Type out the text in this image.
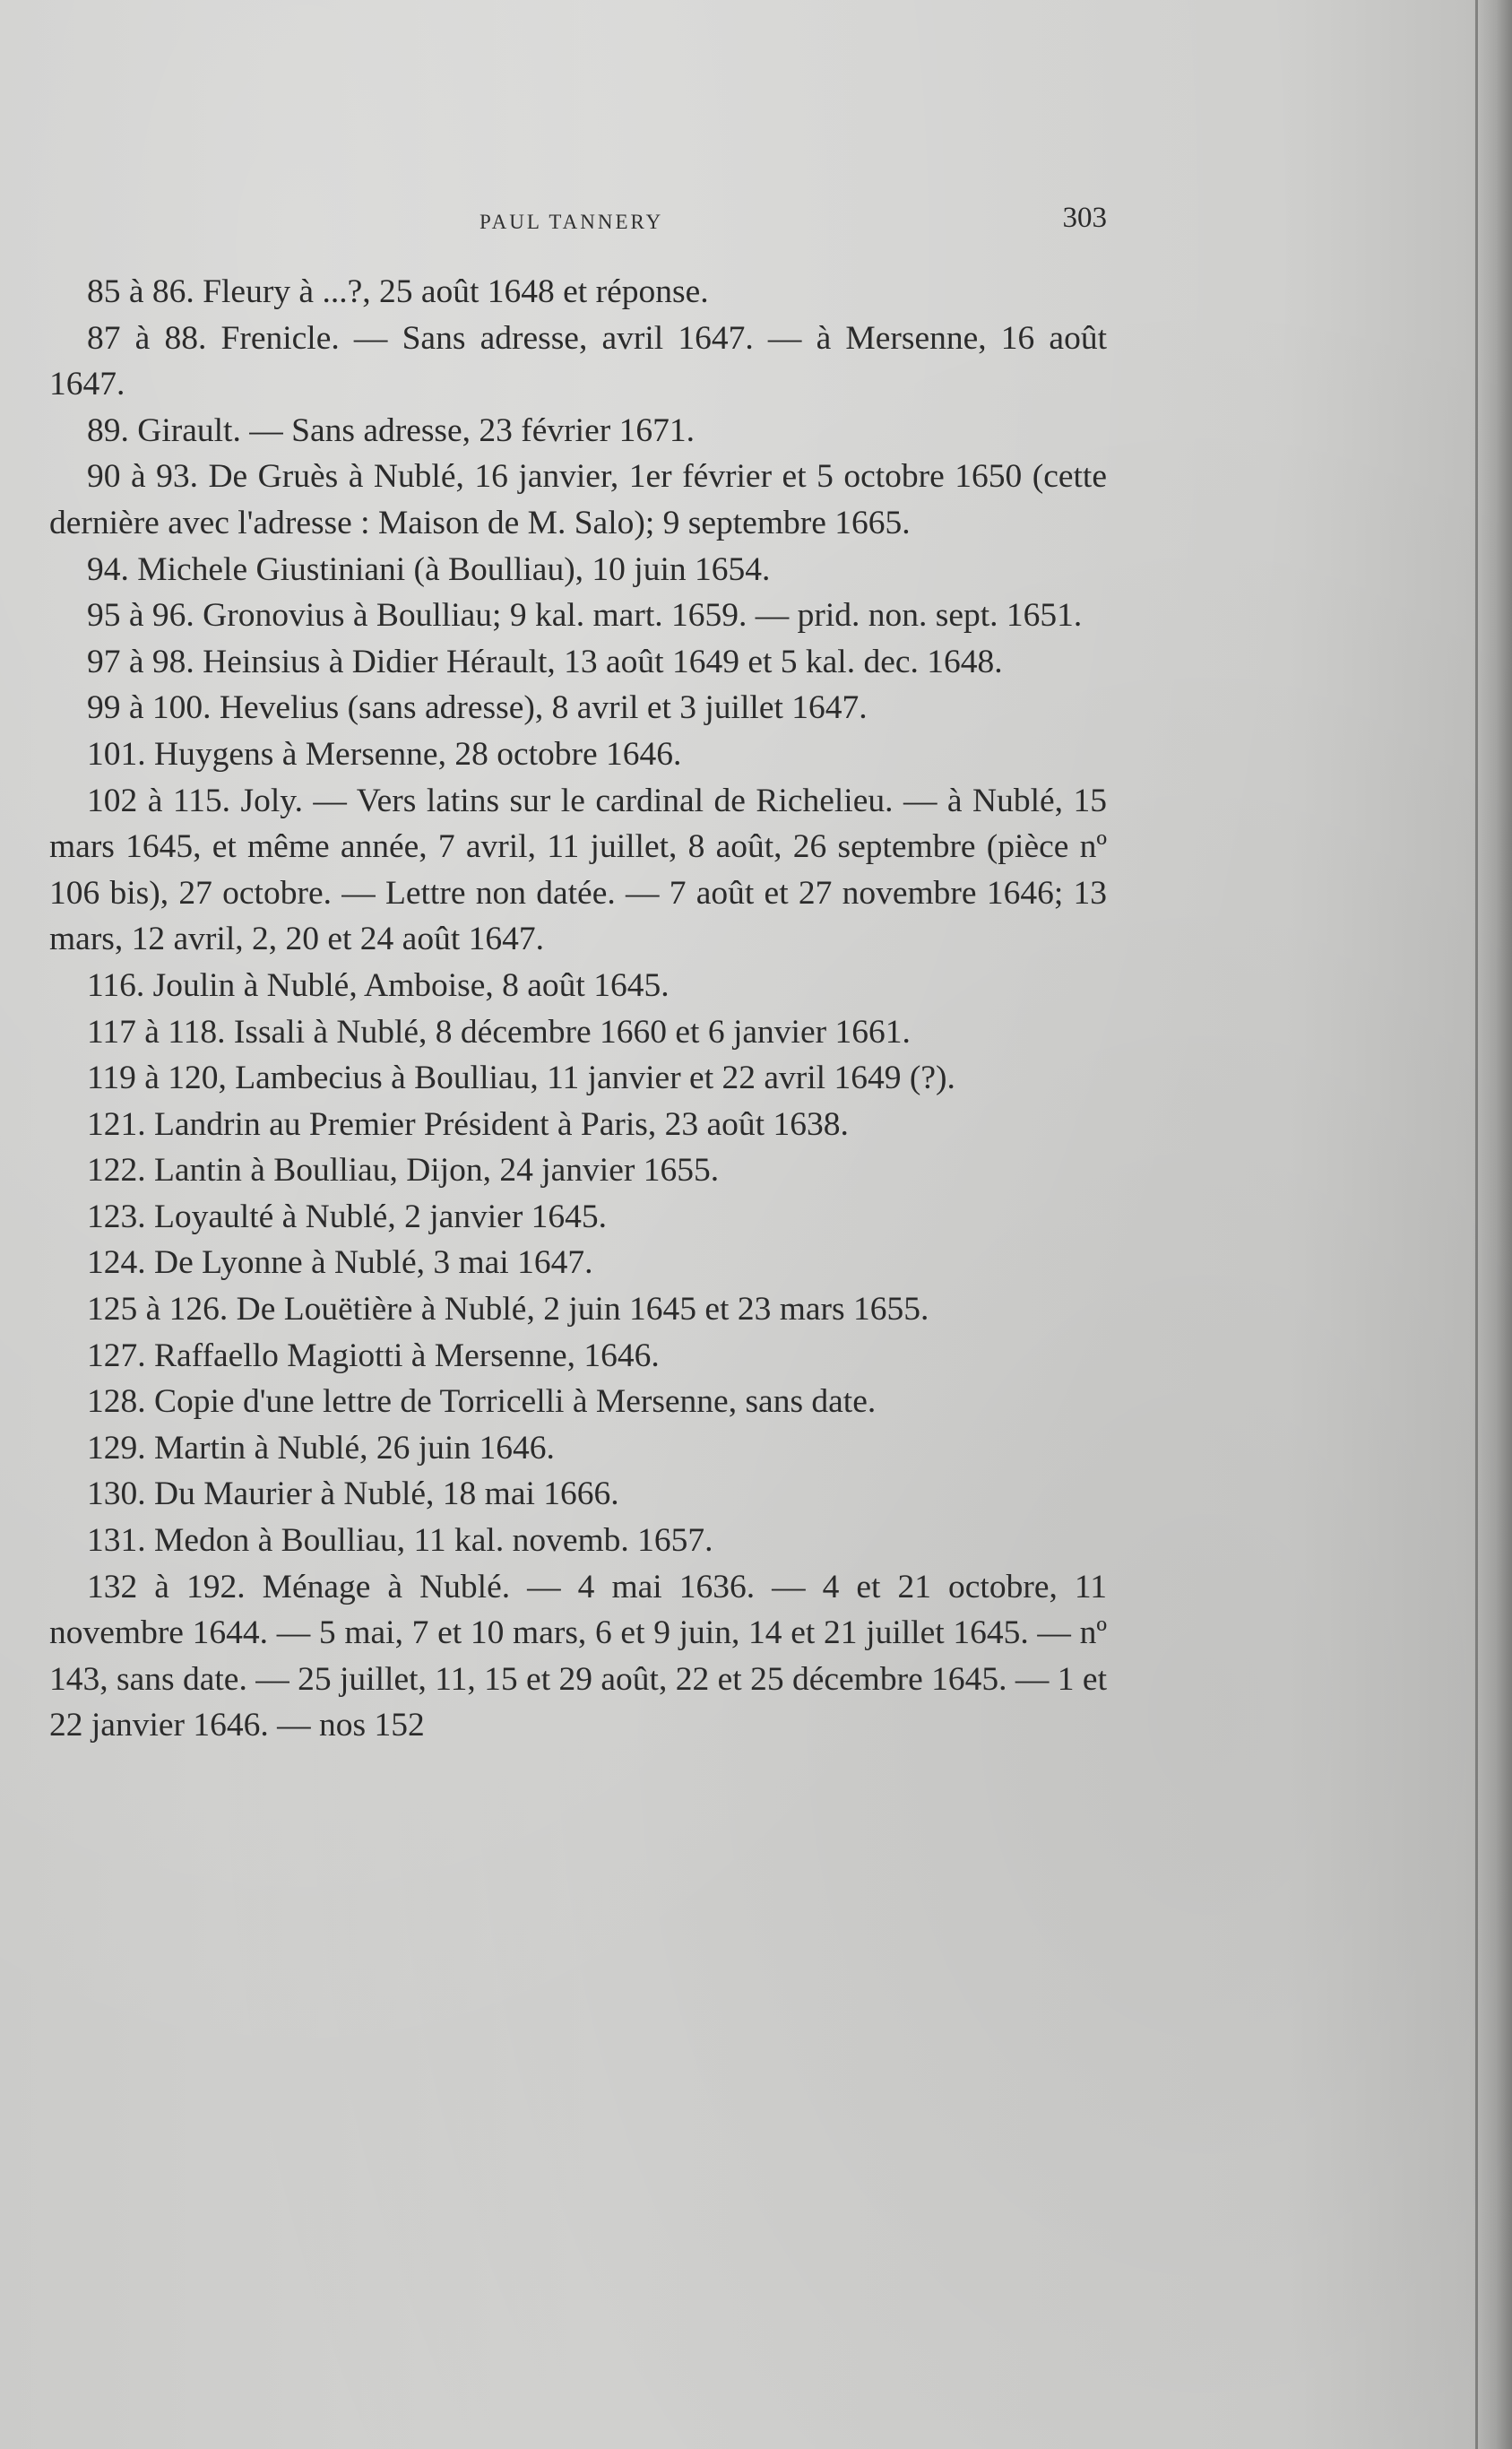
PAUL TANNERY	303

85 à 86. Fleury à ...?, 25 août 1648 et réponse.

87 à 88. Frenicle. — Sans adresse, avril 1647. — à Mersenne, 16 août 1647.

89. Girault. — Sans adresse, 23 février 1671.

90 à 93. De Gruès à Nublé, 16 janvier, 1er février et 5 octobre 1650 (cette dernière avec l'adresse : Maison de M. Salo); 9 septembre 1665.

94. Michele Giustiniani (à Boulliau), 10 juin 1654.

95 à 96. Gronovius à Boulliau; 9 kal. mart. 1659. — prid. non. sept. 1651.

97 à 98. Heinsius à Didier Hérault, 13 août 1649 et 5 kal. dec. 1648.

99 à 100. Hevelius (sans adresse), 8 avril et 3 juillet 1647.

101. Huygens à Mersenne, 28 octobre 1646.

102 à 115. Joly. — Vers latins sur le cardinal de Richelieu. — à Nublé, 15 mars 1645, et même année, 7 avril, 11 juillet, 8 août, 26 septembre (pièce nº 106 bis), 27 octobre. — Lettre non datée. — 7 août et 27 novembre 1646; 13 mars, 12 avril, 2, 20 et 24 août 1647.

116. Joulin à Nublé, Amboise, 8 août 1645.

117 à 118. Issali à Nublé, 8 décembre 1660 et 6 janvier 1661.

119 à 120, Lambecius à Boulliau, 11 janvier et 22 avril 1649 (?).

121. Landrin au Premier Président à Paris, 23 août 1638.

122. Lantin à Boulliau, Dijon, 24 janvier 1655.

123. Loyaulté à Nublé, 2 janvier 1645.

124. De Lyonne à Nublé, 3 mai 1647.

125 à 126. De Louëtière à Nublé, 2 juin 1645 et 23 mars 1655.

127. Raffaello Magiotti à Mersenne, 1646.

128. Copie d'une lettre de Torricelli à Mersenne, sans date.

129. Martin à Nublé, 26 juin 1646.

130. Du Maurier à Nublé, 18 mai 1666.

131. Medon à Boulliau, 11 kal. novemb. 1657.

132 à 192. Ménage à Nublé. — 4 mai 1636. — 4 et 21 octobre, 11 novembre 1644. — 5 mai, 7 et 10 mars, 6 et 9 juin, 14 et 21 juillet 1645. — nº 143, sans date. — 25 juillet, 11, 15 et 29 août, 22 et 25 décembre 1645. — 1 et 22 janvier 1646. — nos 152
